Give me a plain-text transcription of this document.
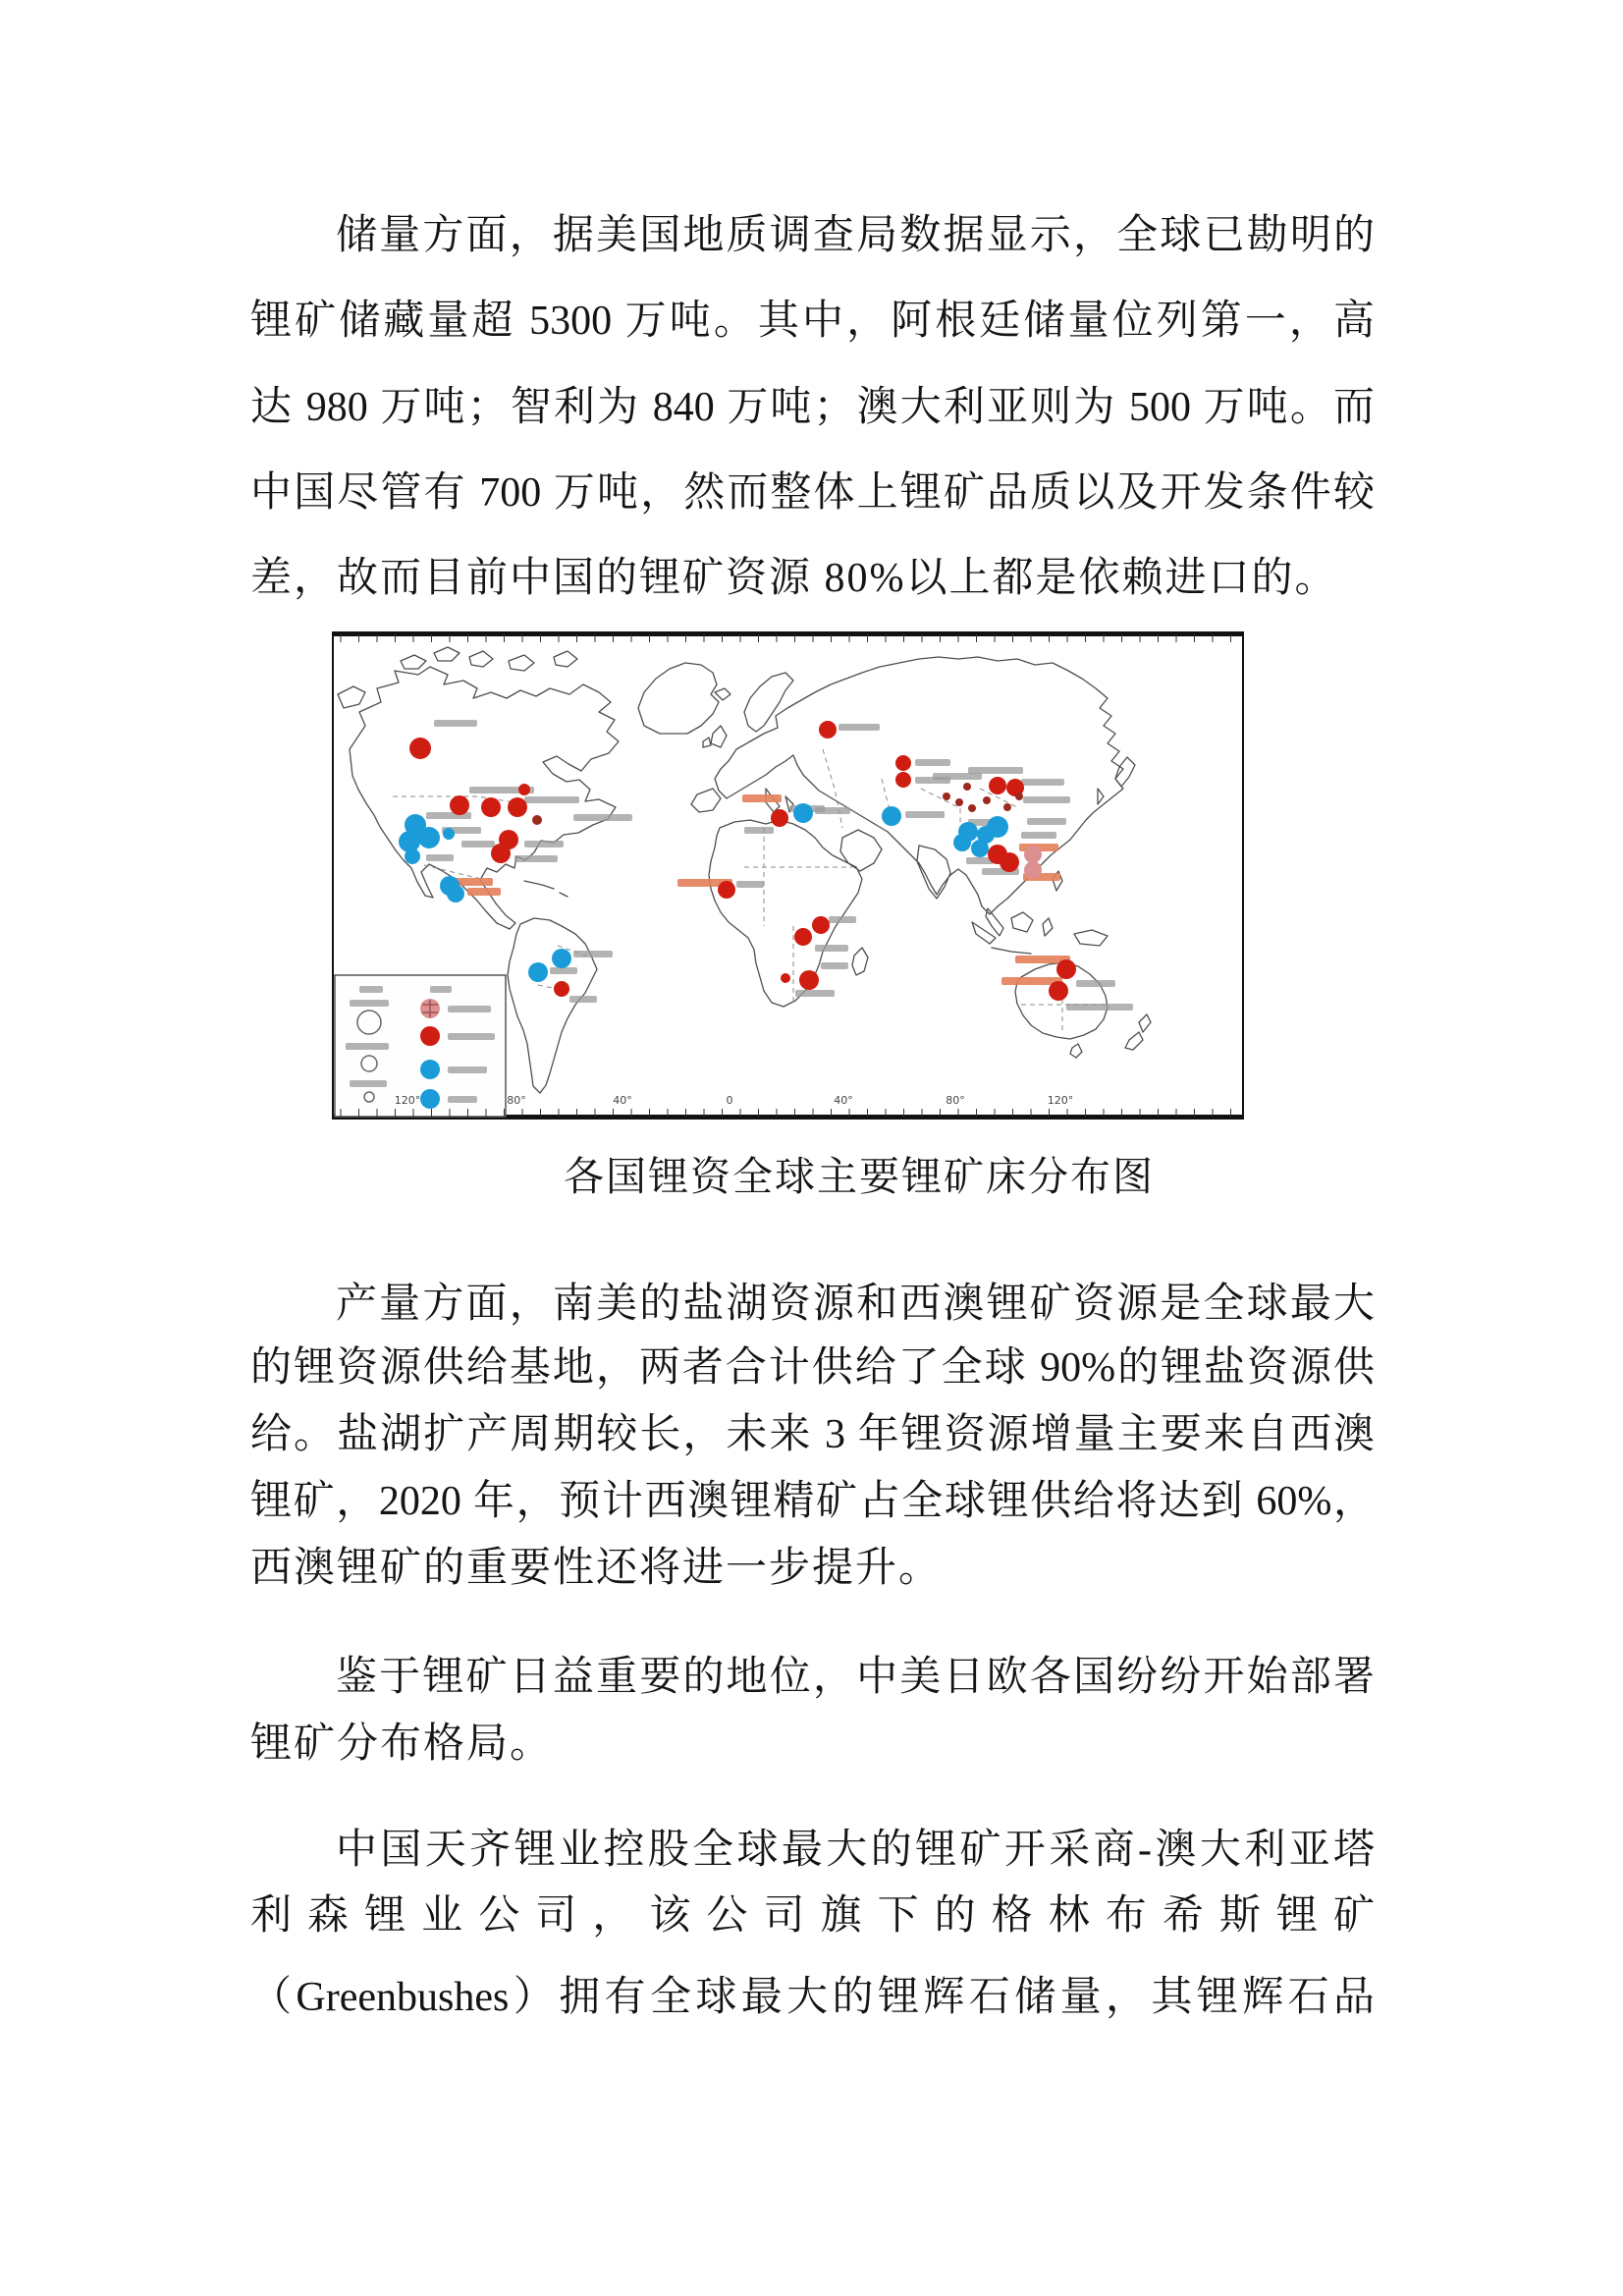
储量方面，据美国地质调查局数据显示，全球已勘明的
锂矿储藏量超 5300 万吨。其中，阿根廷储量位列第一，高
达 980 万吨；智利为 840 万吨；澳大利亚则为 500 万吨。而
中国尽管有 700 万吨，然而整体上锂矿品质以及开发条件较
差，故而目前中国的锂矿资源 80%以上都是依赖进口的。
120°	80°	40°	0	40°	80°	120°
各国锂资全球主要锂矿床分布图
产量方面，南美的盐湖资源和西澳锂矿资源是全球最大
的锂资源供给基地，两者合计供给了全球 90%的锂盐资源供
给。盐湖扩产周期较长，未来 3 年锂资源增量主要来自西澳
锂矿，2020 年，预计西澳锂精矿占全球锂供给将达到 60%，
西澳锂矿的重要性还将进一步提升。
鉴于锂矿日益重要的地位，中美日欧各国纷纷开始部署
锂矿分布格局。
中国天齐锂业控股全球最大的锂矿开采商-澳大利亚塔
利森锂业公司，该公司旗下的格林布希斯锂矿
（Greenbushes）拥有全球最大的锂辉石储量，其锂辉石品
